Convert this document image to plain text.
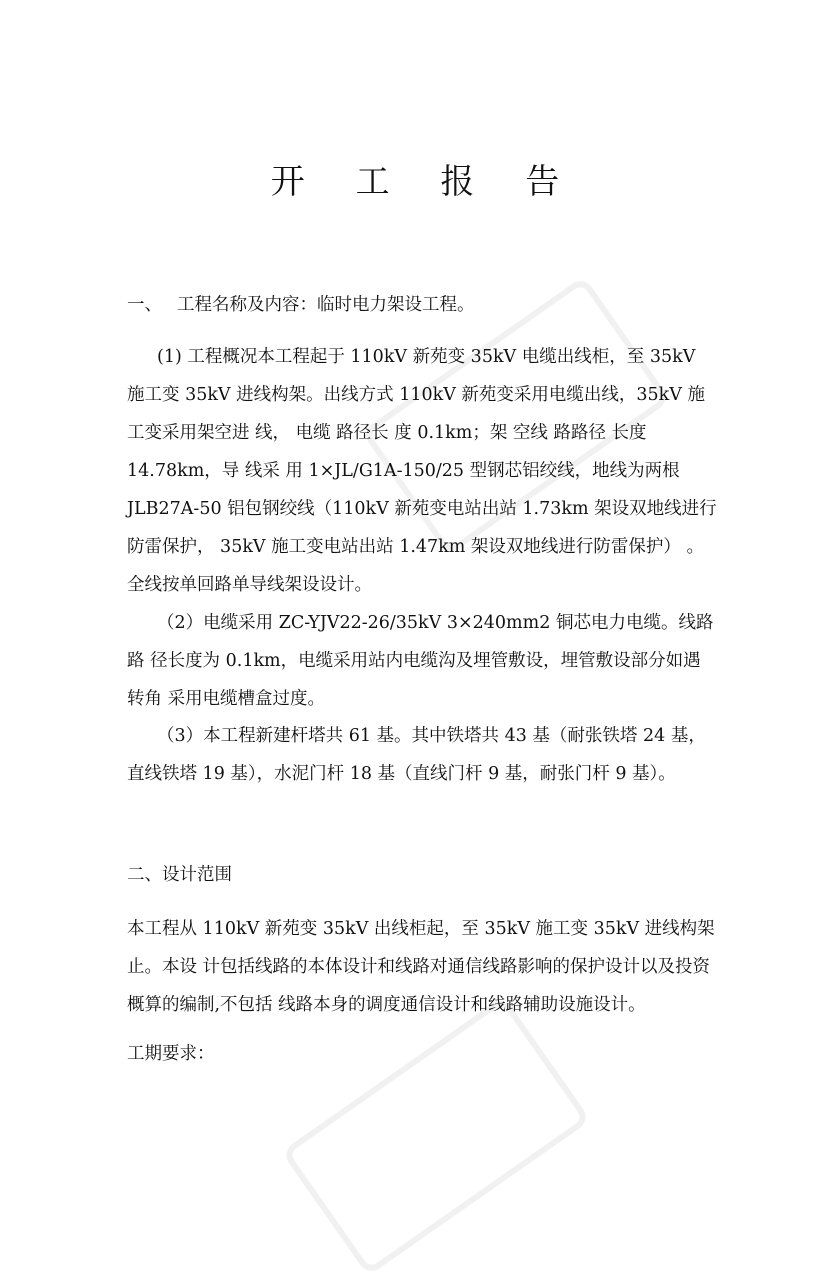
开 工 报 告
一、 工程名称及内容：临时电力架设工程。
(1) 工程概况本工程起于 110kV 新苑变 35kV 电缆出线柜，至 35kV 施工变 35kV 进线构架。出线方式 110kV 新苑变采用电缆出线，35kV 施工变采用架空进 线， 电缆 路径长 度 0.1km；架 空线 路路径 长度 14.78km，导 线采 用 1×JL/G1A-150/25 型钢芯铝绞线，地线为两根 JLB27A-50 铝包钢绞线（110kV 新苑变电站出站 1.73km 架设双地线进行防雷保护， 35kV 施工变电站出站 1.47km 架设双地线进行防雷保护） 。全线按单回路单导线架设设计。
（2）电缆采用 ZC-YJV22-26/35kV 3×240mm2 铜芯电力电缆。线路路 径长度为 0.1km，电缆采用站内电缆沟及埋管敷设，埋管敷设部分如遇转角 采用电缆槽盒过度。
（3）本工程新建杆塔共 61 基。其中铁塔共 43 基（耐张铁塔 24 基， 直线铁塔 19 基），水泥门杆 18 基（直线门杆 9 基，耐张门杆 9 基）。
二、设计范围
本工程从 110kV 新苑变 35kV 出线柜起，至 35kV 施工变 35kV 进线构架止。本设 计包括线路的本体设计和线路对通信线路影响的保护设计以及投资概算的编制,不包括 线路本身的调度通信设计和线路辅助设施设计。
工期要求：
